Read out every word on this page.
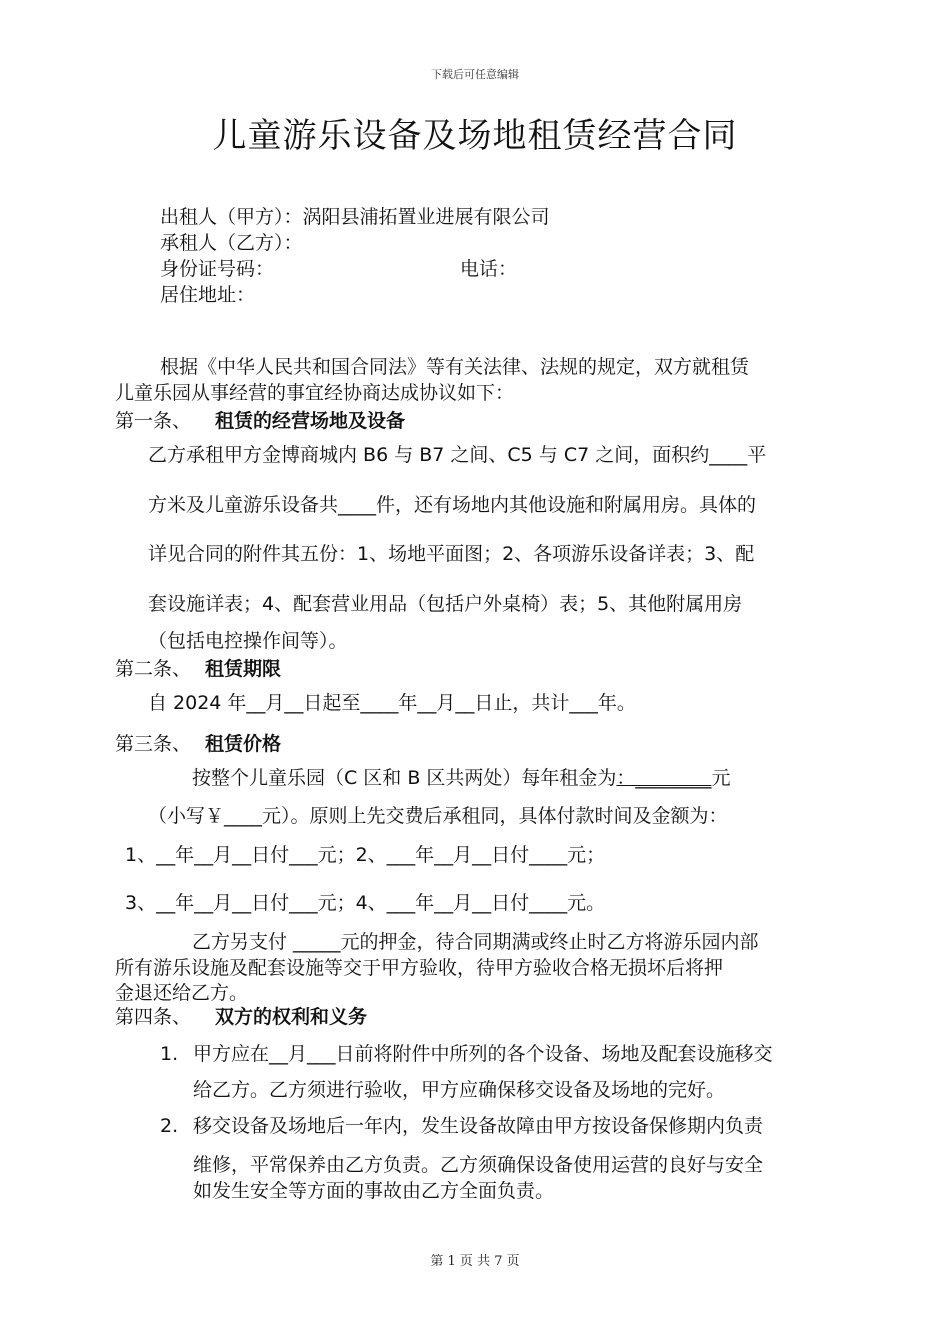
下载后可任意编辑
儿童游乐设备及场地租赁经营合同
出租人（甲方）：涡阳县浦拓置业进展有限公司
承租人（乙方）：
身份证号码：	电话：
居住地址：
根据《中华人民共和国合同法》等有关法律、法规的规定，双方就租赁
儿童乐园从事经营的事宜经协商达成协议如下：
第一条、 租赁的经营场地及设备
乙方承租甲方金博商城内 B6 与 B7 之间、C5 与 C7 之间，面积约____平
方米及儿童游乐设备共____件，还有场地内其他设施和附属用房。具体的
详见合同的附件其五份：1、场地平面图；2、各项游乐设备详表；3、配
套设施详表；4、配套营业用品（包括户外桌椅）表；5、其他附属用房
（包括电控操作间等）。
第二条、 租赁期限
自 2024 年__月__日起至____年__月__日止，共计___年。
第三条、 租赁价格
按整个儿童乐园（C 区和 B 区共两处）每年租金为：________元
（小写￥____元）。原则上先交费后承租同，具体付款时间及金额为：
1、__年__月__日付___元；2、___年__月__日付____元；
3、__年__月__日付___元；4、___年__月__日付____元。
乙方另支付 _____元的押金，待合同期满或终止时乙方将游乐园内部
所有游乐设施及配套设施等交于甲方验收，待甲方验收合格无损坏后将押
金退还给乙方。
第四条、 双方的权利和义务
1. 甲方应在__月___日前将附件中所列的各个设备、场地及配套设施移交
给乙方。乙方须进行验收，甲方应确保移交设备及场地的完好。
2. 移交设备及场地后一年内，发生设备故障由甲方按设备保修期内负责
维修，平常保养由乙方负责。乙方须确保设备使用运营的良好与安全
如发生安全等方面的事故由乙方全面负责。
第 1 页 共 7 页
